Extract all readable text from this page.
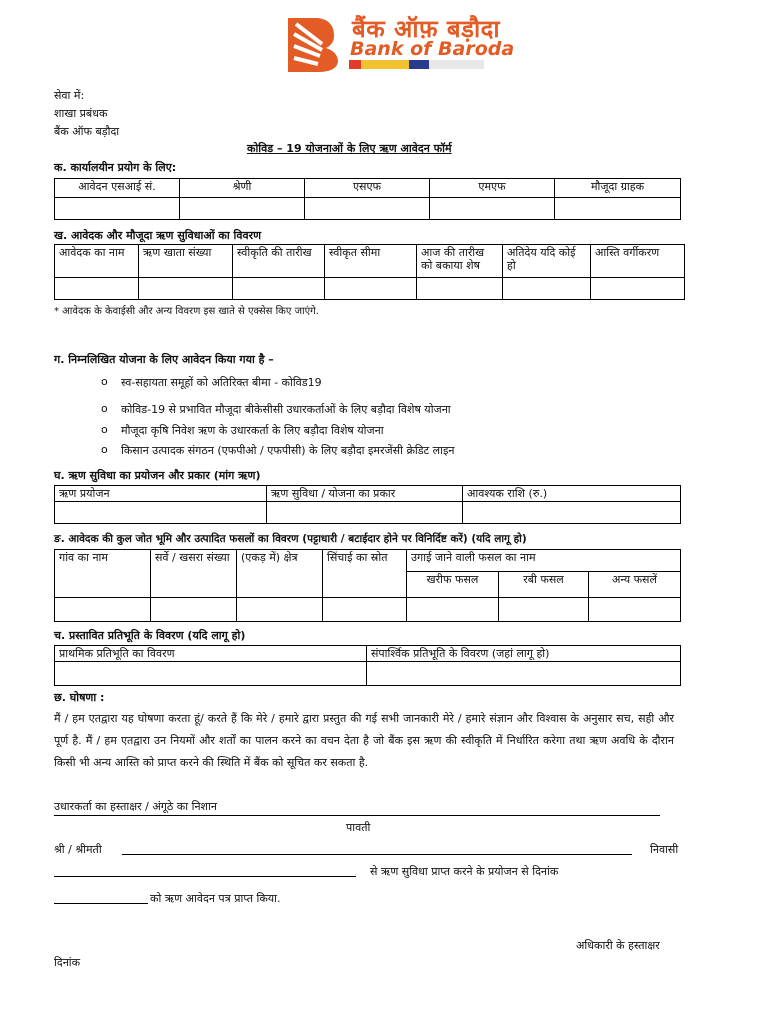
बैंक ऑफ़ बड़ौदा
Bank of Baroda
सेवा में:
शाखा प्रबंधक
बैंक ऑफ बड़ौदा
कोविड – 19 योजनाओं के लिए ऋण आवेदन फॉर्म
क. कार्यालयीन प्रयोग के लिए:
आवेदन एसआई सं.	श्रेणी	एसएफ	एमएफ	मौजूदा ग्राहक

ख. आवेदक और मौजूदा ऋण सुविधाओं का विवरण
आवेदक का नाम	ऋण खाता संख्या	स्वीकृति की तारीख	स्वीकृत सीमा	आज की तारीख को बकाया शेष	अतिदेय यदि कोई हो	आस्ति वर्गीकरण

* आवेदक के केवाईसी और अन्य विवरण इस खाते से एक्सेस किए जाएंगे.
ग. निम्नलिखित योजना के लिए आवेदन किया गया है –
o स्व-सहायता समूहों को अतिरिक्त बीमा - कोविड19
o कोविड-19 से प्रभावित मौजूदा बीकेसीसी उधारकर्ताओं के लिए बड़ौदा विशेष योजना
o मौजूदा कृषि निवेश ऋण के उधारकर्ता के लिए बड़ौदा विशेष योजना
o किसान उत्पादक संगठन (एफपीओ / एफपीसी) के लिए बड़ौदा इमरजेंसी क्रेडिट लाइन
घ. ऋण सुविधा का प्रयोजन और प्रकार (मांग ऋण)
ऋण प्रयोजन	ऋण सुविधा / योजना का प्रकार	आवश्यक राशि (रु.)

ङ. आवेदक की कुल जोत भूमि और उत्पादित फसलों का विवरण (पट्टाधारी / बटाईदार होने पर विनिर्दिष्ट करें) (यदि लागू हो)
गांव का नाम	सर्वे / खसरा संख्या	(एकड़ में) क्षेत्र	सिंचाई का स्रोत	उगाई जाने वाली फसल का नाम		
				खरीफ फसल	रबी फसल	अन्य फसलें

च. प्रस्तावित प्रतिभूति के विवरण (यदि लागू हो)
प्राथमिक प्रतिभूति का विवरण	संपार्श्विक प्रतिभूति के विवरण (जहां लागू हो)

छ. घोषणा :
मैं / हम एतद्वारा यह घोषणा करता हूं/ करते हैं कि मेरे / हमारे द्वारा प्रस्तुत की गई सभी जानकारी मेरे / हमारे संज्ञान और विश्वास के अनुसार सच, सही और पूर्ण है. मैं / हम एतद्वारा उन नियमों और शर्तों का पालन करने का वचन देता है जो बैंक इस ऋण की स्वीकृति में निर्धारित करेगा तथा ऋण अवधि के दौरान किसी भी अन्य आस्ति को प्राप्त करने की स्थिति में बैंक को सूचित कर सकता है.
उधारकर्ता का हस्ताक्षर / अंगूठे का निशान
पावती
श्री / श्रीमती	निवासी
से ऋण सुविधा प्राप्त करने के प्रयोजन से दिनांक
को ऋण आवेदन पत्र प्राप्त किया.
अधिकारी के हस्ताक्षर
दिनांक
